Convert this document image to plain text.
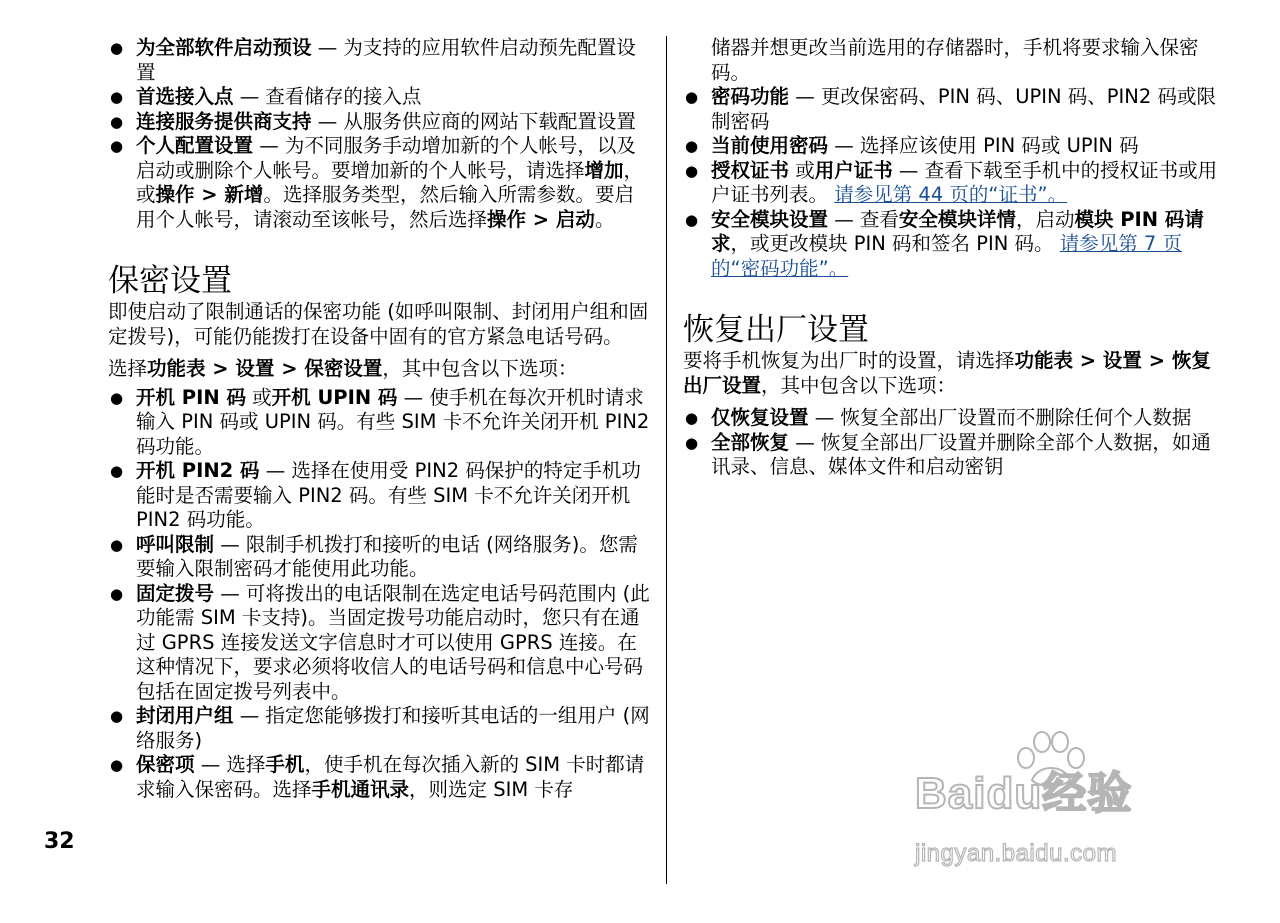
32
● 为全部软件启动预设 — 为支持的应用软件启动预先配置设置
● 首选接入点 — 查看储存的接入点
● 连接服务提供商支持 — 从服务供应商的网站下载配置设置
● 个人配置设置 — 为不同服务手动增加新的个人帐号，以及启动或删除个人帐号。要增加新的个人帐号，请选择增加，或操作 > 新增。选择服务类型，然后输入所需参数。要启用个人帐号，请滚动至该帐号，然后选择操作 > 启动。
保密设置

即使启动了限制通话的保密功能 (如呼叫限制、封闭用户组和固定拨号)，可能仍能拨打在设备中固有的官方紧急电话号码。

选择功能表 > 设置 > 保密设置，其中包含以下选项：

● 开机 PIN 码 或开机 UPIN 码 — 使手机在每次开机时请求输入 PIN 码或 UPIN 码。有些 SIM 卡不允许关闭开机 PIN2 码功能。
● 开机 PIN2 码 — 选择在使用受 PIN2 码保护的特定手机功能时是否需要输入 PIN2 码。有些 SIM 卡不允许关闭开机 PIN2 码功能。
● 呼叫限制 — 限制手机拨打和接听的电话 (网络服务)。您需要输入限制密码才能使用此功能。
● 固定拨号 — 可将拨出的电话限制在选定电话号码范围内 (此功能需 SIM 卡支持)。当固定拨号功能启动时，您只有在通过 GPRS 连接发送文字信息时才可以使用 GPRS 连接。在这种情况下，要求必须将收信人的电话号码和信息中心号码包括在固定拨号列表中。
● 封闭用户组 — 指定您能够拨打和接听其电话的一组用户 (网络服务)
● 保密项 — 选择手机，使手机在每次插入新的 SIM 卡时都请求输入保密码。选择手机通讯录，则选定 SIM 卡存

储器并想更改当前选用的存储器时，手机将要求输入保密码。

● 密码功能 — 更改保密码、PIN 码、UPIN 码、PIN2 码或限制密码
● 当前使用密码 — 选择应该使用 PIN 码或 UPIN 码
● 授权证书 或用户证书 — 查看下载至手机中的授权证书或用户证书列表。 请参见第 44 页的“证书”。
● 安全模块设置 — 查看安全模块详情，启动模块 PIN 码请求，或更改模块 PIN 码和签名 PIN 码。 请参见第 7 页的“密码功能”。
恢复出厂设置

要将手机恢复为出厂时的设置，请选择功能表 > 设置 > 恢复出厂设置，其中包含以下选项：

● 仅恢复设置 — 恢复全部出厂设置而不删除任何个人数据
● 全部恢复 — 恢复全部出厂设置并删除全部个人数据，如通讯录、信息、媒体文件和启动密钥
Baidu经验
jingyan.baidu.com
